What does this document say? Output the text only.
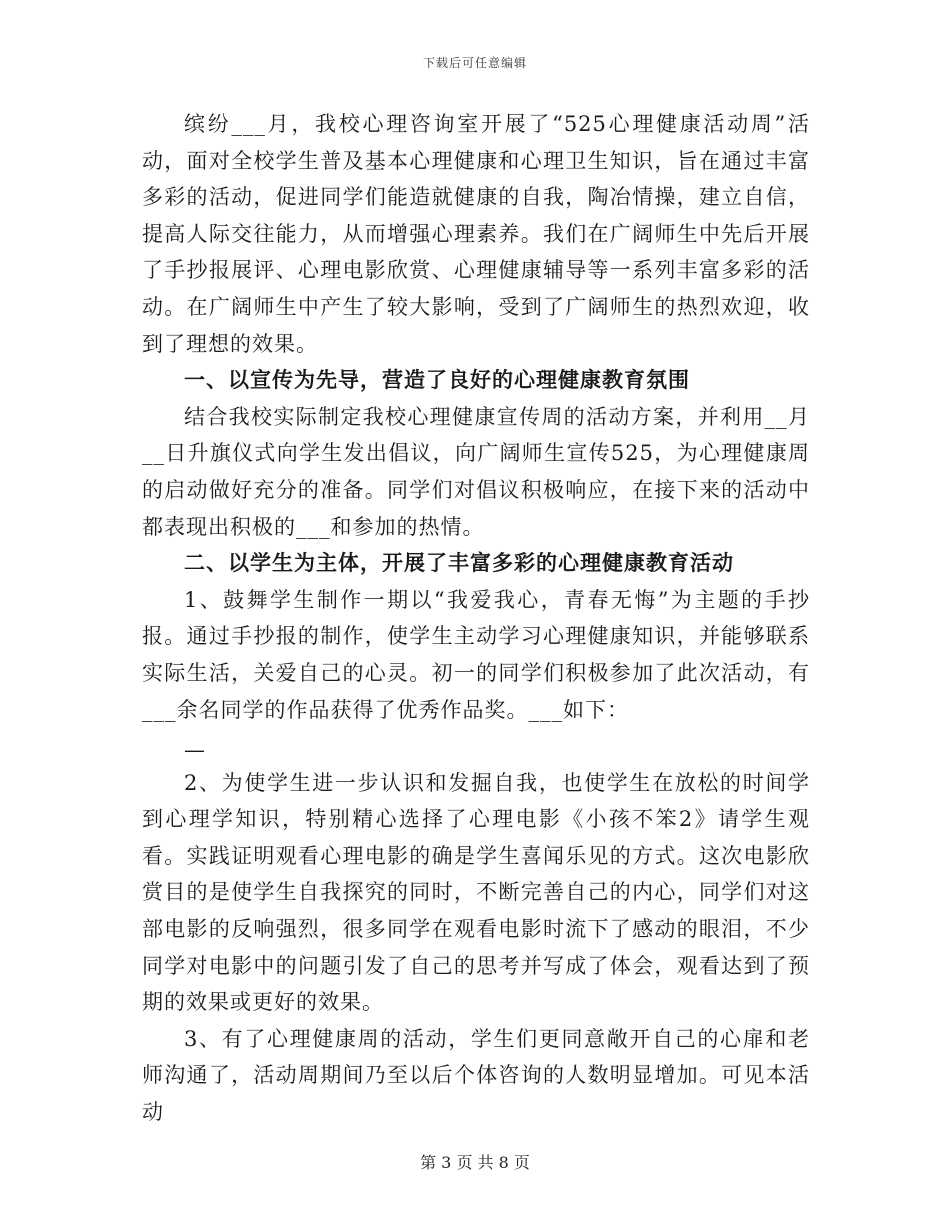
下载后可任意编辑

缤纷___月，我校心理咨询室开展了“525心理健康活动周”活动，面对全校学生普及基本心理健康和心理卫生知识，旨在通过丰富多彩的活动，促进同学们能造就健康的自我，陶冶情操，建立自信，提高人际交往能力，从而增强心理素养。我们在广阔师生中先后开展了手抄报展评、心理电影欣赏、心理健康辅导等一系列丰富多彩的活动。在广阔师生中产生了较大影响，受到了广阔师生的热烈欢迎，收到了理想的效果。

一、以宣传为先导，营造了良好的心理健康教育氛围

结合我校实际制定我校心理健康宣传周的活动方案，并利用__月__日升旗仪式向学生发出倡议，向广阔师生宣传525，为心理健康周的启动做好充分的准备。同学们对倡议积极响应，在接下来的活动中都表现出积极的___和参加的热情。

二、以学生为主体，开展了丰富多彩的心理健康教育活动

1、鼓舞学生制作一期以“我爱我心，青春无悔”为主题的手抄报。通过手抄报的制作，使学生主动学习心理健康知识，并能够联系实际生活，关爱自己的心灵。初一的同学们积极参加了此次活动，有___余名同学的作品获得了优秀作品奖。___如下：

—

2、为使学生进一步认识和发掘自我，也使学生在放松的时间学到心理学知识，特别精心选择了心理电影《小孩不笨2》请学生观看。实践证明观看心理电影的确是学生喜闻乐见的方式。这次电影欣赏目的是使学生自我探究的同时，不断完善自己的内心，同学们对这部电影的反响强烈，很多同学在观看电影时流下了感动的眼泪，不少同学对电影中的问题引发了自己的思考并写成了体会，观看达到了预期的效果或更好的效果。

3、有了心理健康周的活动，学生们更同意敞开自己的心扉和老师沟通了，活动周期间乃至以后个体咨询的人数明显增加。可见本活动

第 3 页 共 8 页
